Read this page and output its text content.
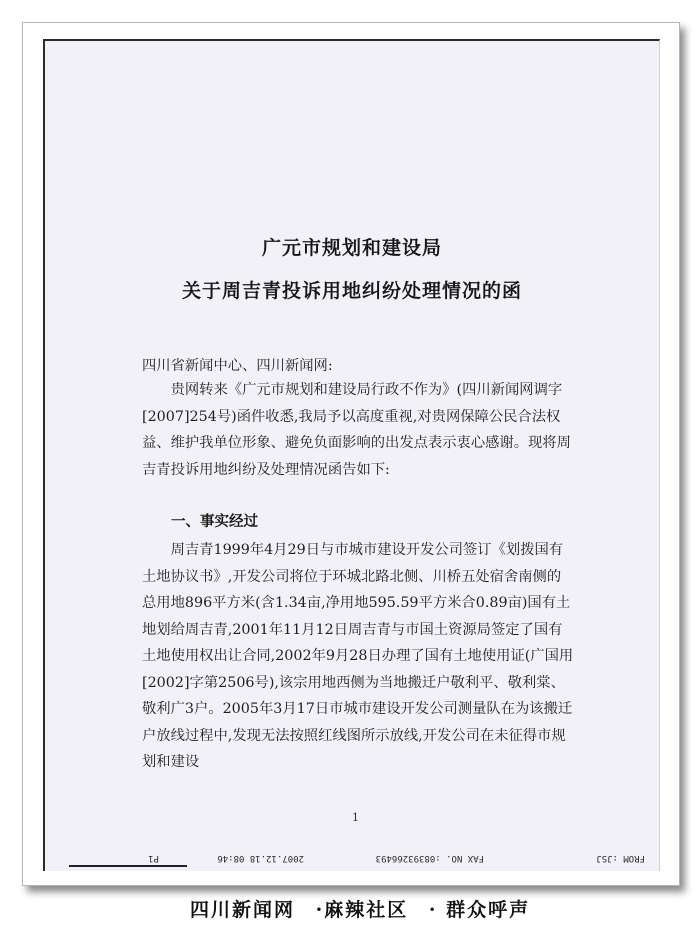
广元市规划和建设局
关于周吉青投诉用地纠纷处理情况的函
四川省新闻中心、四川新闻网:
贵网转来《广元市规划和建设局行政不作为》(四川新闻网调字[2007]254号)函件收悉,我局予以高度重视,对贵网保障公民合法权益、维护我单位形象、避免负面影响的出发点表示衷心感谢。现将周吉青投诉用地纠纷及处理情况函告如下:
一、事实经过
周吉青1999年4月29日与市城市建设开发公司签订《划拨国有土地协议书》,开发公司将位于环城北路北侧、川桥五处宿舍南侧的总用地896平方米(含1.34亩,净用地595.59平方米合0.89亩)国有土地划给周吉青,2001年11月12日周吉青与市国土资源局签定了国有土地使用权出让合同,2002年9月28日办理了国有土地使用证(广国用[2002]字第2506号),该宗用地西侧为当地搬迁户敬利平、敬利棠、敬利广3户。2005年3月17日市城市建设开发公司测量队在为该搬迁户放线过程中,发现无法按照红线图所示放线,开发公司在未征得市规划和建设
1
FROM :JSJ
FAX NO. :08393266493
2007.12.18 08:46
P1
四川新闻网 ·麻辣社区 · 群众呼声
